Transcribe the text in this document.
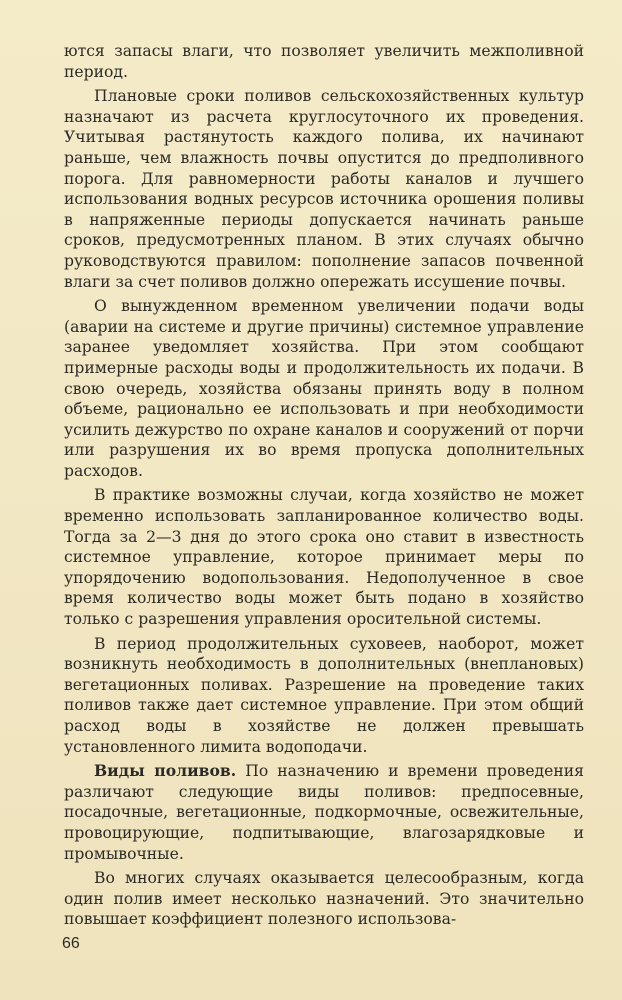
ются запасы влаги, что позволяет увеличить межполивной период.

Плановые сроки поливов сельскохозяйственных культур назначают из расчета круглосуточного их проведения. Учитывая растянутость каждого полива, их начинают раньше, чем влажность почвы опустится до предполивного порога. Для равномерности работы каналов и лучшего использования водных ресурсов источника орошения поливы в напряженные периоды допускается начинать раньше сроков, предусмотренных планом. В этих случаях обычно руководствуются правилом: пополнение запасов почвенной влаги за счет поливов должно опережать иссушение почвы.

О вынужденном временном увеличении подачи воды (аварии на системе и другие причины) системное управление заранее уведомляет хозяйства. При этом сообщают примерные расходы воды и продолжительность их подачи. В свою очередь, хозяйства обязаны принять воду в полном объеме, рационально ее использовать и при необходимости усилить дежурство по охране каналов и сооружений от порчи или разрушения их во время пропуска дополнительных расходов.

В практике возможны случаи, когда хозяйство не может временно использовать запланированное количество воды. Тогда за 2—3 дня до этого срока оно ставит в известность системное управление, которое принимает меры по упорядочению водопользования. Недополученное в свое время количество воды может быть подано в хозяйство только с разрешения управления оросительной системы.

В период продолжительных суховеев, наоборот, может возникнуть необходимость в дополнительных (внеплановых) вегетационных поливах. Разрешение на проведение таких поливов также дает системное управление. При этом общий расход воды в хозяйстве не должен превышать установленного лимита водоподачи.

Виды поливов. По назначению и времени проведения различают следующие виды поливов: предпосевные, посадочные, вегетационные, подкормочные, освежительные, провоцирующие, подпитывающие, влагозарядковые и промывочные.

Во многих случаях оказывается целесообразным, когда один полив имеет несколько назначений. Это значительно повышает коэффициент полезного использова-

66
